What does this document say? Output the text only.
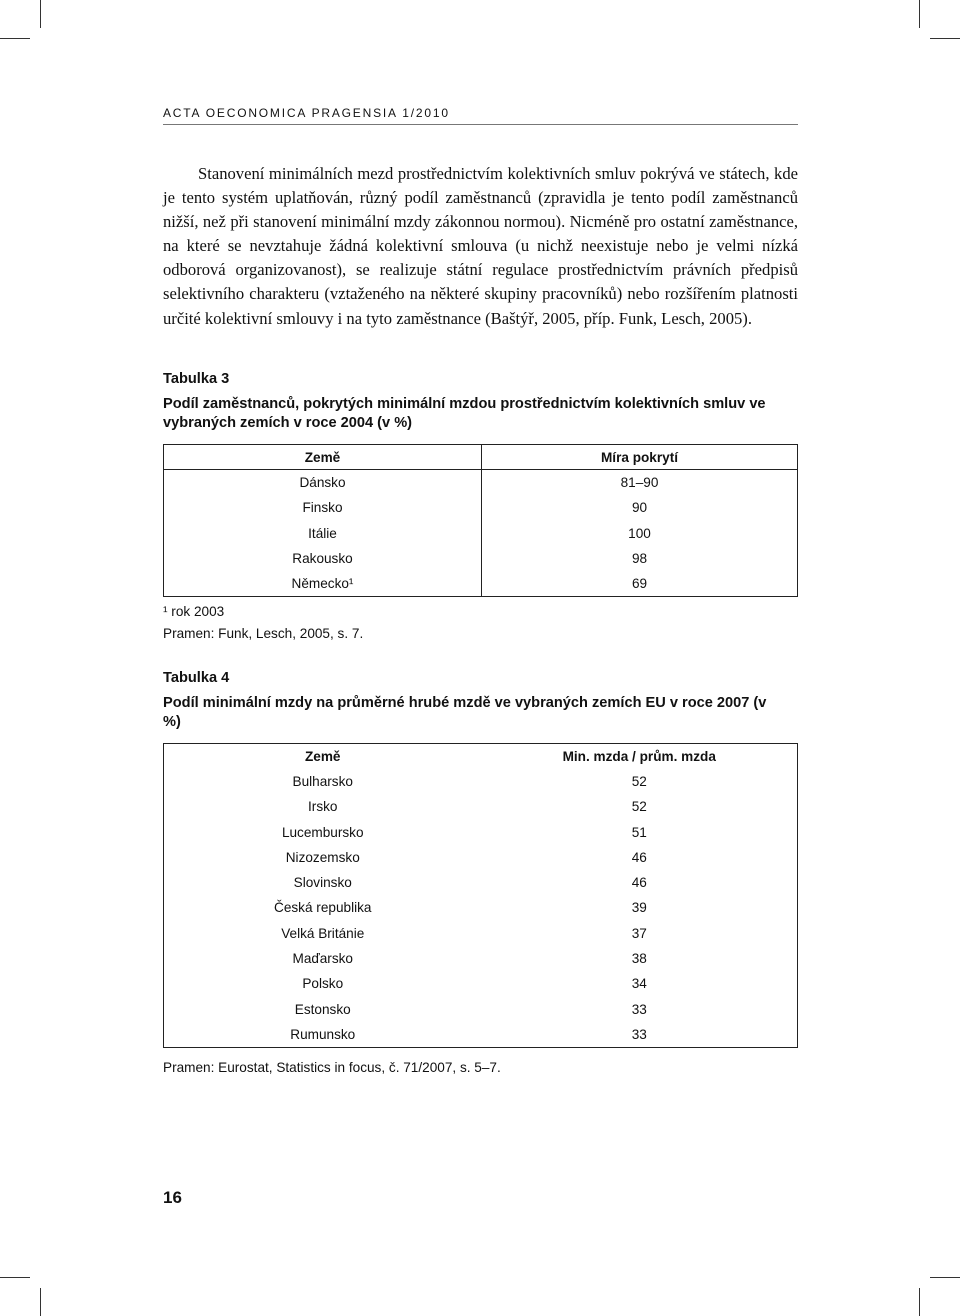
ACTA OECONOMICA PRAGENSIA 1/2010

Stanovení minimálních mezd prostřednictvím kolektivních smluv pokrývá ve státech, kde je tento systém uplatňován, různý podíl zaměstnanců (zpravidla je tento podíl zaměstnanců nižší, než při stanovení minimální mzdy zákonnou normou). Nicméně pro ostatní zaměstnance, na které se nevztahuje žádná kolektivní smlouva (u nichž neexistuje nebo je velmi nízká odborová organizovanost), se realizuje státní regulace prostřednictvím právních předpisů selektivního charakteru (vztaženého na některé skupiny pracovníků) nebo rozšířením platnosti určité kolektivní smlouvy i na tyto zaměstnance (Baštýř, 2005, příp. Funk, Lesch, 2005).

Tabulka 3
Podíl zaměstnanců, pokrytých minimální mzdou prostřednictvím kolektivních smluv ve vybraných zemích v roce 2004 (v %)
Země	Míra pokrytí
Dánsko	81–90
Finsko	90
Itálie	100
Rakousko	98
Německo¹	69
¹ rok 2003
Pramen: Funk, Lesch, 2005, s. 7.
Tabulka 4
Podíl minimální mzdy na průměrné hrubé mzdě ve vybraných zemích EU v roce 2007 (v %)
Země	Min. mzda / prům. mzda
Bulharsko	52
Irsko	52
Lucembursko	51
Nizozemsko	46
Slovinsko	46
Česká republika	39
Velká Británie	37
Maďarsko	38
Polsko	34
Estonsko	33
Rumunsko	33
Pramen: Eurostat, Statistics in focus, č. 71/2007, s. 5–7.
16
